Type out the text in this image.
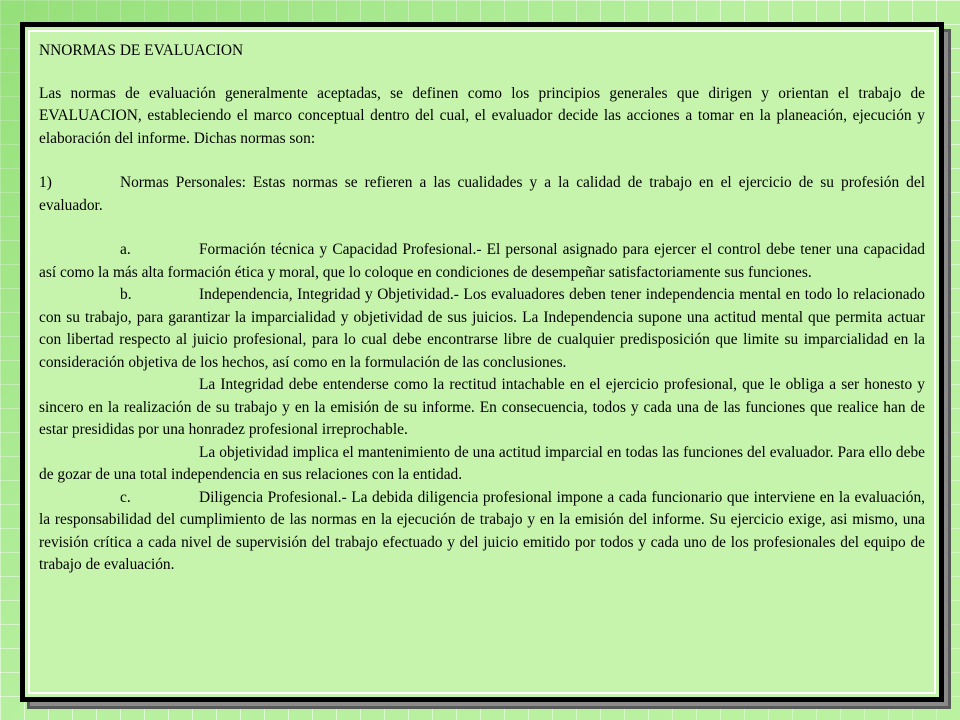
NNORMAS DE EVALUACION

Las normas de evaluación generalmente aceptadas, se definen como los principios generales que dirigen y orientan el trabajo de EVALUACION, estableciendo el marco conceptual dentro del cual, el evaluador decide las acciones a tomar en la planeación, ejecución y elaboración del informe. Dichas normas son:

1)	Normas Personales: Estas normas se refieren a las cualidades y a la calidad de trabajo en el ejercicio de su profesión del evaluador.

a.	Formación técnica y Capacidad Profesional.- El personal asignado para ejercer el control debe tener una capacidad así como la más alta formación ética y moral, que lo coloque en condiciones de desempeñar satisfactoriamente sus funciones.

b.	Independencia, Integridad y Objetividad.- Los evaluadores deben tener independencia mental en todo lo relacionado con su trabajo, para garantizar la imparcialidad y objetividad de sus juicios. La Independencia supone una actitud mental que permita actuar con libertad respecto al juicio profesional, para lo cual debe encontrarse libre de cualquier predisposición que limite su imparcialidad en la consideración objetiva de los hechos, así como en la formulación de las conclusiones.

La Integridad debe entenderse como la rectitud intachable en el ejercicio profesional, que le obliga a ser honesto y sincero en la realización de su trabajo y en la emisión de su informe. En consecuencia, todos y cada una de las funciones que realice han de estar presididas por una honradez profesional irreprochable.

La objetividad implica el mantenimiento de una actitud imparcial en todas las funciones del evaluador. Para ello debe de gozar de una total independencia en sus relaciones con la entidad.

c.	Diligencia Profesional.- La debida diligencia profesional impone a cada funcionario que interviene en la evaluación, la responsabilidad del cumplimiento de las normas en la ejecución de trabajo y en la emisión del informe. Su ejercicio exige, asi mismo, una revisión crítica a cada nivel de supervisión del trabajo efectuado y del juicio emitido por todos y cada uno de los profesionales del equipo de trabajo de evaluación.
